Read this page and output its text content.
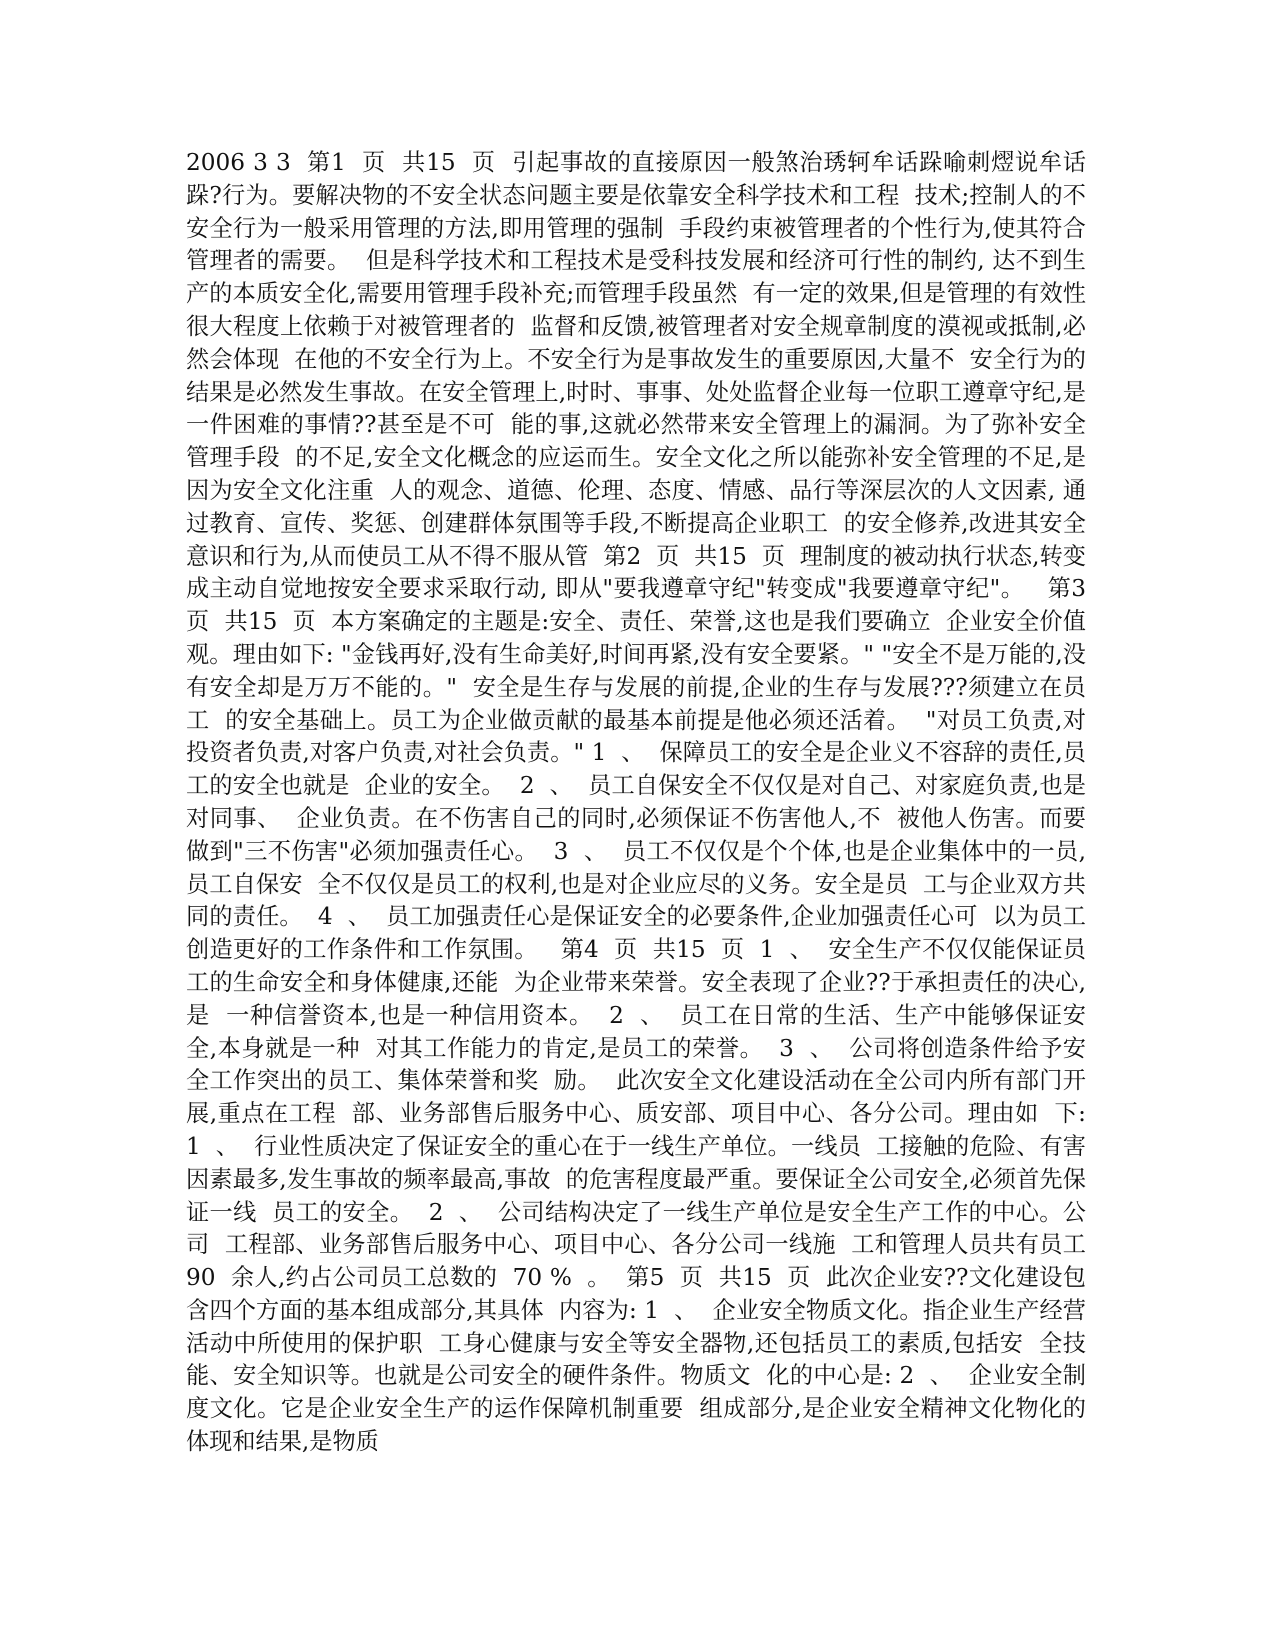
2006 3 3  第1  页  共15  页  引起事故的直接原因一般煞治琇轲牟话跺喻刺熤说牟话跺?行为。要解决物的不安全状态问题主要是依靠安全科学技术和工程  技术;控制人的不安全行为一般采用管理的方法,即用管理的强制  手段约束被管理者的个性行为,使其符合管理者的需要。  但是科学技术和工程技术是受科技发展和经济可行性的制约, 达不到生产的本质安全化,需要用管理手段补充;而管理手段虽然  有一定的效果,但是管理的有效性很大程度上依赖于对被管理者的  监督和反馈,被管理者对安全规章制度的漠视或抵制,必然会体现  在他的不安全行为上。不安全行为是事故发生的重要原因,大量不  安全行为的结果是必然发生事故。在安全管理上,时时、事事、处处监督企业每一位职工遵章守纪,是一件困难的事情??甚至是不可  能的事,这就必然带来安全管理上的漏洞。为了弥补安全管理手段  的不足,安全文化概念的应运而生。安全文化之所以能弥补安全管理的不足,是因为安全文化注重  人的观念、道德、伦理、态度、情感、品行等深层次的人文因素, 通过教育、宣传、奖惩、创建群体氛围等手段,不断提高企业职工  的安全修养,改进其安全意识和行为,从而使员工从不得不服从管  第2  页  共15  页  理制度的被动执行状态,转变成主动自觉地按安全要求采取行动, 即从"要我遵章守纪"转变成"我要遵章守纪"。   第3  页  共15  页  本方案确定的主题是:安全、责任、荣誉,这也是我们要确立  企业安全价值观。理由如下: "金钱再好,没有生命美好,时间再紧,没有安全要紧。" "安全不是万能的,没有安全却是万万不能的。"  安全是生存与发展的前提,企业的生存与发展???须建立在员工  的安全基础上。员工为企业做贡献的最基本前提是他必须还活着。  "对员工负责,对投资者负责,对客户负责,对社会负责。" 1  、  保障员工的安全是企业义不容辞的责任,员工的安全也就是  企业的安全。  2  、  员工自保安全不仅仅是对自己、对家庭负责,也是对同事、  企业负责。在不伤害自己的同时,必须保证不伤害他人,不  被他人伤害。而要做到"三不伤害"必须加强责任心。  3  、  员工不仅仅是个个体,也是企业集体中的一员,员工自保安  全不仅仅是员工的权利,也是对企业应尽的义务。安全是员  工与企业双方共同的责任。  4  、  员工加强责任心是保证安全的必要条件,企业加强责任心可  以为员工创造更好的工作条件和工作氛围。   第4  页  共15  页  1  、  安全生产不仅仅能保证员工的生命安全和身体健康,还能  为企业带来荣誉。安全表现了企业??于承担责任的决心,是  一种信誉资本,也是一种信用资本。  2  、  员工在日常的生活、生产中能够保证安全,本身就是一种  对其工作能力的肯定,是员工的荣誉。  3  、  公司将创造条件给予安全工作突出的员工、集体荣誉和奖  励。  此次安全文化建设活动在全公司内所有部门开展,重点在工程  部、业务部售后服务中心、质安部、项目中心、各分公司。理由如  下: 1  、  行业性质决定了保证安全的重心在于一线生产单位。一线员  工接触的危险、有害因素最多,发生事故的频率最高,事故  的危害程度最严重。要保证全公司安全,必须首先保证一线  员工的安全。  2  、  公司结构决定了一线生产单位是安全生产工作的中心。公司  工程部、业务部售后服务中心、项目中心、各分公司一线施  工和管理人员共有员工  90  余人,约占公司员工总数的  70 %  。  第5  页  共15  页  此次企业安??文化建设包含四个方面的基本组成部分,其具体  内容为: 1  、  企业安全物质文化。指企业生产经营活动中所使用的保护职  工身心健康与安全等安全器物,还包括员工的素质,包括安  全技能、安全知识等。也就是公司安全的硬件条件。物质文  化的中心是: 2  、  企业安全制度文化。它是企业安全生产的运作保障机制重要  组成部分,是企业安全精神文化物化的体现和结果,是物质
